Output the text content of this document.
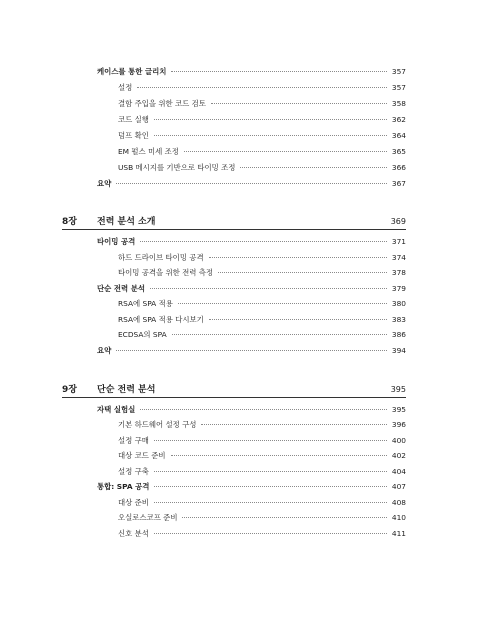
케이스를 통한 글리치	357
설정	357
결함 주입을 위한 코드 검토	358
코드 실행	362
덤프 확인	364
EM 펄스 미세 조정	365
USB 메시지를 기반으로 타이밍 조정	366
요약	367
8장	전력 분석 소개	369
타이밍 공격	371
하드 드라이브 타이밍 공격	374
타이밍 공격을 위한 전력 측정	378
단순 전력 분석	379
RSA에 SPA 적용	380
RSA에 SPA 적용 다시보기	383
ECDSA의 SPA	386
요약	394
9장	단순 전력 분석	395
자택 실험실	395
기본 하드웨어 설정 구성	396
설정 구매	400
대상 코드 준비	402
설정 구축	404
통합: SPA 공격	407
대상 준비	408
오실로스코프 준비	410
신호 분석	411
